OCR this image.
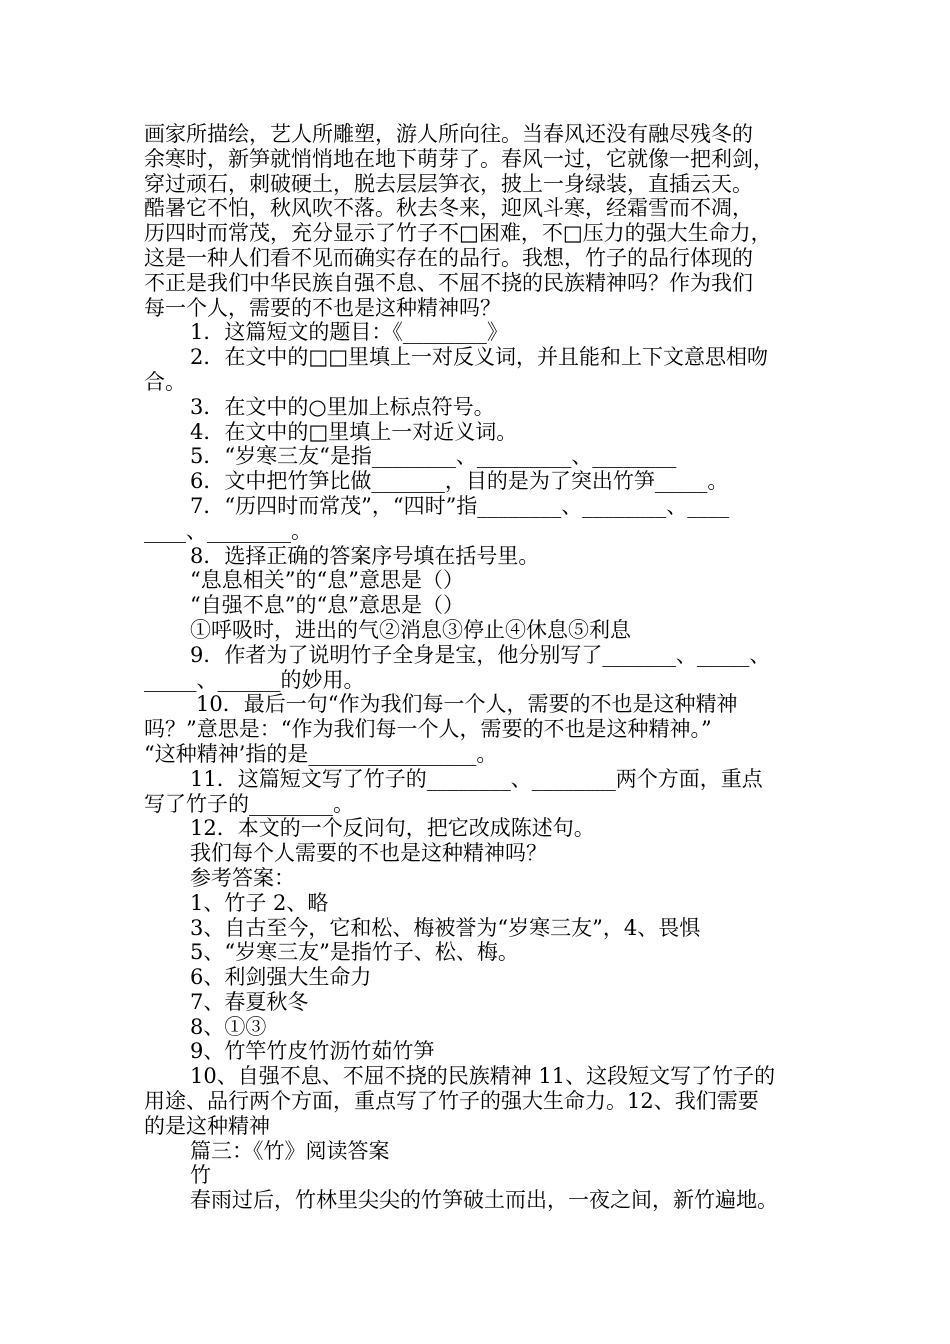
画家所描绘，艺人所雕塑，游人所向往。当春风还没有融尽残冬的
余寒时，新笋就悄悄地在地下萌芽了。春风一过，它就像一把利剑，
穿过顽石，刺破硬土，脱去层层笋衣，披上一身绿装，直插云天。
酷暑它不怕，秋风吹不落。秋去冬来，迎风斗寒，经霜雪而不凋，
历四时而常茂，充分显示了竹子不□困难，不□压力的强大生命力，
这是一种人们看不见而确实存在的品行。我想，竹子的品行体现的
不正是我们中华民族自强不息、不屈不挠的民族精神吗？作为我们
每一个人，需要的不也是这种精神吗？
1．这篇短文的题目：《________》
2．在文中的□□里填上一对反义词，并且能和上下文意思相吻
合。
3．在文中的○里加上标点符号。
4．在文中的□里填上一对近义词。
5．“岁寒三友“是指________、_________、________
6．文中把竹笋比做_______，目的是为了突出竹笋_____。
7．“历四时而常茂”，“四时”指________、________、____
____、________。
8．选择正确的答案序号填在括号里。
“息息相关”的“息”意思是（）
“自强不息”的“息”意思是（）
①呼吸时，进出的气②消息③停止④休息⑤利息
9．作者为了说明竹子全身是宝，他分别写了_______、_____、
_____、______的妙用。
10．最后一句“作为我们每一个人，需要的不也是这种精神
吗？”意思是：“作为我们每一个人，需要的不也是这种精神。”
“这种精神’指的是________________。
11．这篇短文写了竹子的________、________两个方面，重点
写了竹子的________。
12．本文的一个反问句，把它改成陈述句。
我们每个人需要的不也是这种精神吗？
参考答案：
1、竹子 2、略
3、自古至今，它和松、梅被誉为“岁寒三友”，4、畏惧
5、“岁寒三友”是指竹子、松、梅。
6、利剑强大生命力
7、春夏秋冬
8、①③
9、竹竿竹皮竹沥竹茹竹笋
10、自强不息、不屈不挠的民族精神 11、这段短文写了竹子的
用途、品行两个方面，重点写了竹子的强大生命力。12、我们需要
的是这种精神
篇三：《竹》阅读答案
竹
春雨过后，竹林里尖尖的竹笋破土而出，一夜之间，新竹遍地。
